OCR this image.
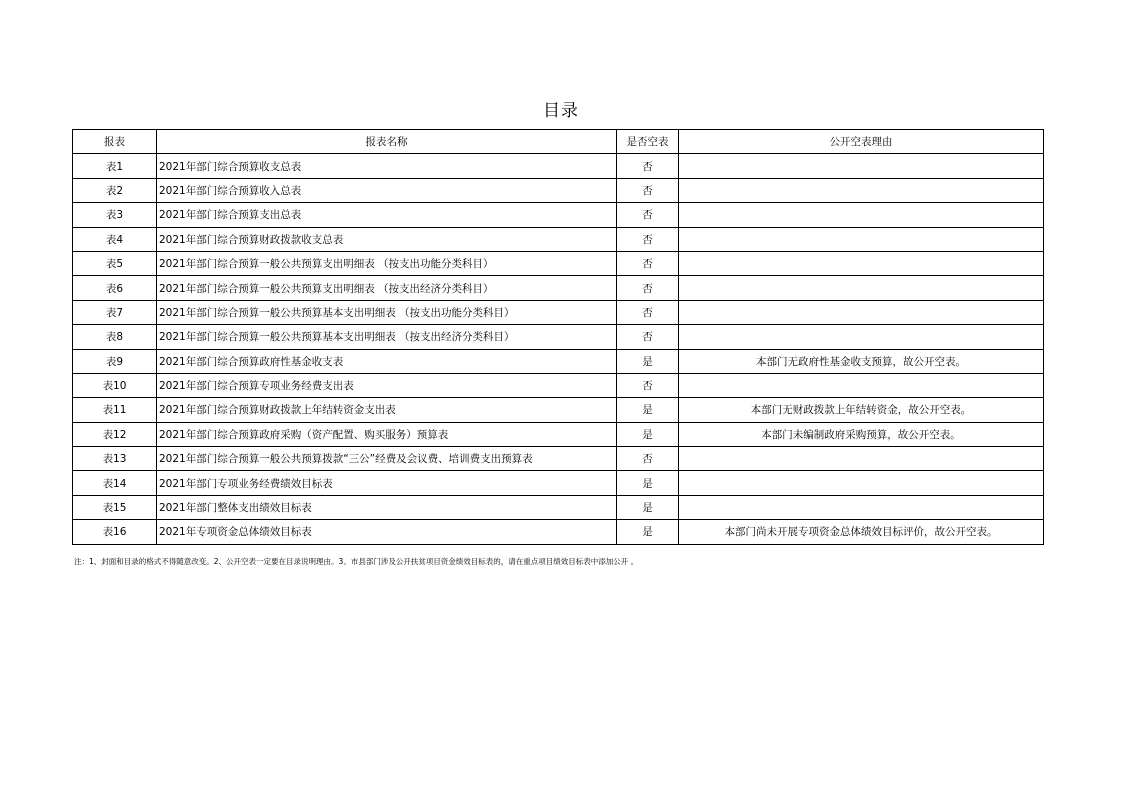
目录
报表	报表名称	是否空表	公开空表理由
表1	2021年部门综合预算收支总表	否	
表2	2021年部门综合预算收入总表	否	
表3	2021年部门综合预算支出总表	否	
表4	2021年部门综合预算财政拨款收支总表	否	
表5	2021年部门综合预算一般公共预算支出明细表 （按支出功能分类科目）	否	
表6	2021年部门综合预算一般公共预算支出明细表 （按支出经济分类科目）	否	
表7	2021年部门综合预算一般公共预算基本支出明细表 （按支出功能分类科目）	否	
表8	2021年部门综合预算一般公共预算基本支出明细表 （按支出经济分类科目）	否	
表9	2021年部门综合预算政府性基金收支表	是	本部门无政府性基金收支预算，故公开空表。
表10	2021年部门综合预算专项业务经费支出表	否	
表11	2021年部门综合预算财政拨款上年结转资金支出表	是	本部门无财政拨款上年结转资金，故公开空表。
表12	2021年部门综合预算政府采购（资产配置、购买服务）预算表	是	本部门未编制政府采购预算，故公开空表。
表13	2021年部门综合预算一般公共预算拨款“三公”经费及会议费、培训费支出预算表	否	
表14	2021年部门专项业务经费绩效目标表	是	
表15	2021年部门整体支出绩效目标表	是	
表16	2021年专项资金总体绩效目标表	是	本部门尚未开展专项资金总体绩效目标评价，故公开空表。
注：1、封面和目录的格式不得随意改变。2、公开空表一定要在目录说明理由。3、市县部门涉及公开扶贫项目资金绩效目标表的，请在重点项目绩效目标表中添加公开 。
